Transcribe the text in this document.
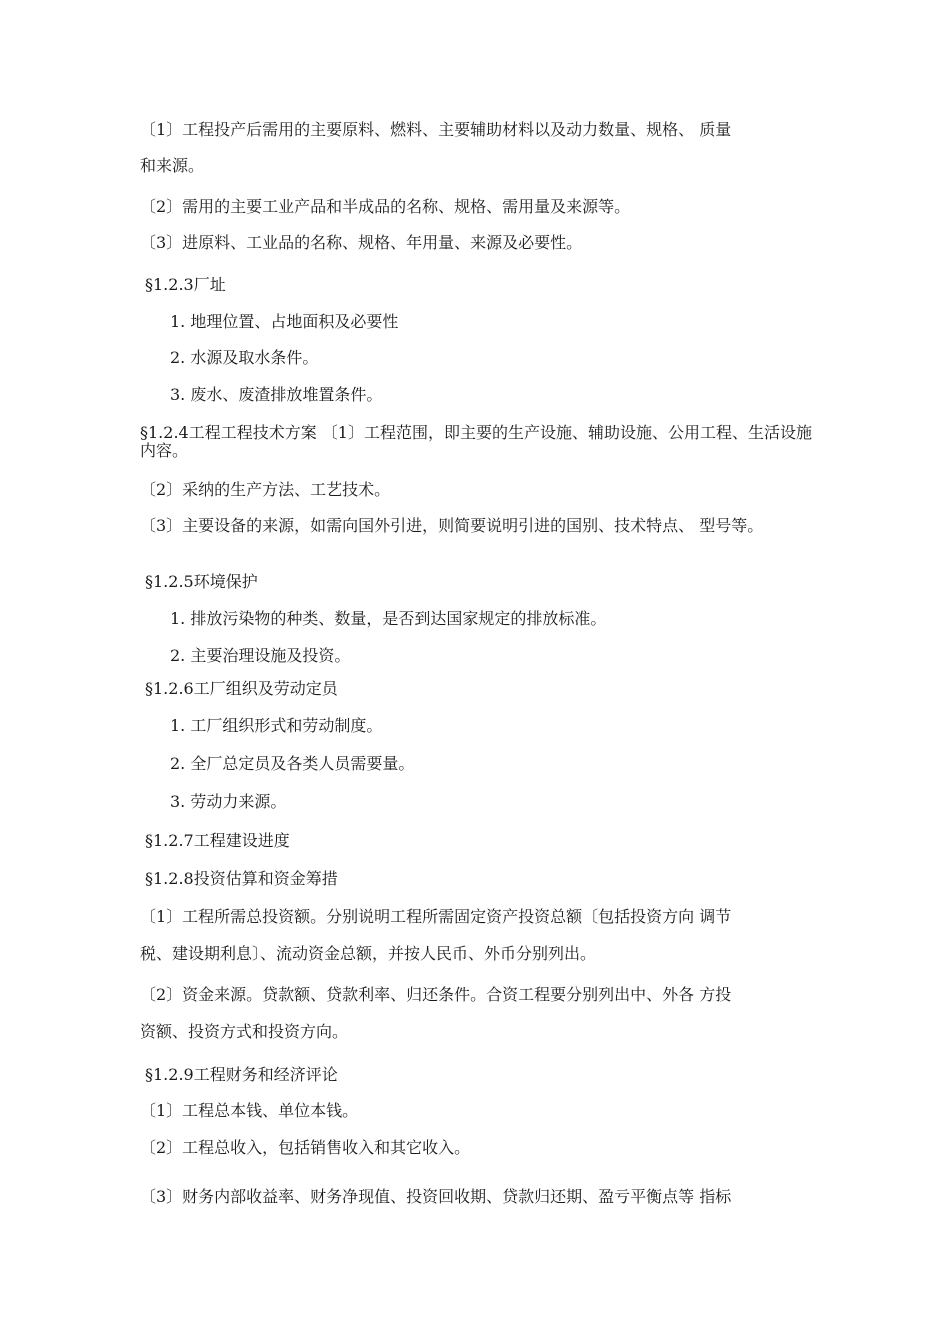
〔1〕工程投产后需用的主要原料、燃料、主要辅助材料以及动力数量、规格、 质量

和来源。

〔2〕需用的主要工业产品和半成品的名称、规格、需用量及来源等。

〔3〕进原料、工业品的名称、规格、年用量、来源及必要性。

§1.2.3厂址

1. 地理位置、占地面积及必要性

2. 水源及取水条件。

3. 废水、废渣排放堆置条件。

§1.2.4工程工程技术方案 〔1〕工程范围，即主要的生产设施、辅助设施、公用工程、生活设施内容。

〔2〕采纳的生产方法、工艺技术。

〔3〕主要设备的来源，如需向国外引进，则简要说明引进的国别、技术特点、 型号等。

§1.2.5环境保护

1. 排放污染物的种类、数量，是否到达国家规定的排放标准。

2. 主要治理设施及投资。

§1.2.6工厂组织及劳动定员

1. 工厂组织形式和劳动制度。

2. 全厂总定员及各类人员需要量。

3. 劳动力来源。

§1.2.7工程建设进度

§1.2.8投资估算和资金筹措

〔1〕工程所需总投资额。分别说明工程所需固定资产投资总额〔包括投资方向 调节

税、建设期利息〕、流动资金总额，并按人民币、外币分别列出。

〔2〕资金来源。贷款额、贷款利率、归还条件。合资工程要分别列出中、外各 方投

资额、投资方式和投资方向。

§1.2.9工程财务和经济评论

〔1〕工程总本钱、单位本钱。

〔2〕工程总收入，包括销售收入和其它收入。

〔3〕财务内部收益率、财务净现值、投资回收期、贷款归还期、盈亏平衡点等 指标
